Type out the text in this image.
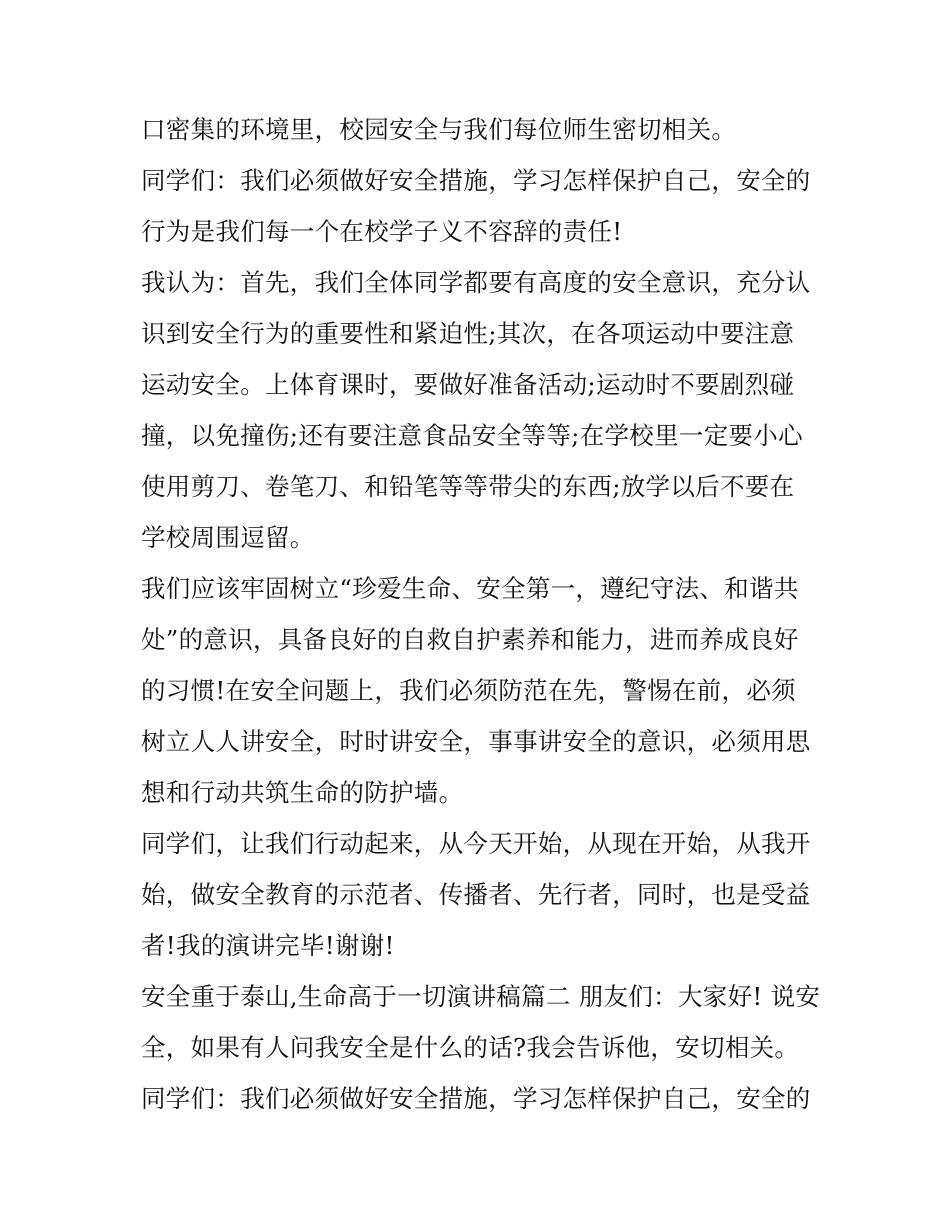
口密集的环境里，校园安全与我们每位师生密切相关。
同学们：我们必须做好安全措施，学习怎样保护自己，安全的
行为是我们每一个在校学子义不容辞的责任!
我认为：首先，我们全体同学都要有高度的安全意识，充分认
识到安全行为的重要性和紧迫性;其次，在各项运动中要注意
运动安全。上体育课时，要做好准备活动;运动时不要剧烈碰
撞，以免撞伤;还有要注意食品安全等等;在学校里一定要小心
使用剪刀、卷笔刀、和铅笔等等带尖的东西;放学以后不要在
学校周围逗留。
我们应该牢固树立“珍爱生命、安全第一，遵纪守法、和谐共
处”的意识，具备良好的自救自护素养和能力，进而养成良好
的习惯!在安全问题上，我们必须防范在先，警惕在前，必须
树立人人讲安全，时时讲安全，事事讲安全的意识，必须用思
想和行动共筑生命的防护墙。
同学们，让我们行动起来，从今天开始，从现在开始，从我开
始，做安全教育的示范者、传播者、先行者，同时，也是受益
者!我的演讲完毕!谢谢!
安全重于泰山,生命高于一切演讲稿篇二 朋友们：大家好! 说安
全，如果有人问我安全是什么的话?我会告诉他，安切相关。
同学们：我们必须做好安全措施，学习怎样保护自己，安全的
